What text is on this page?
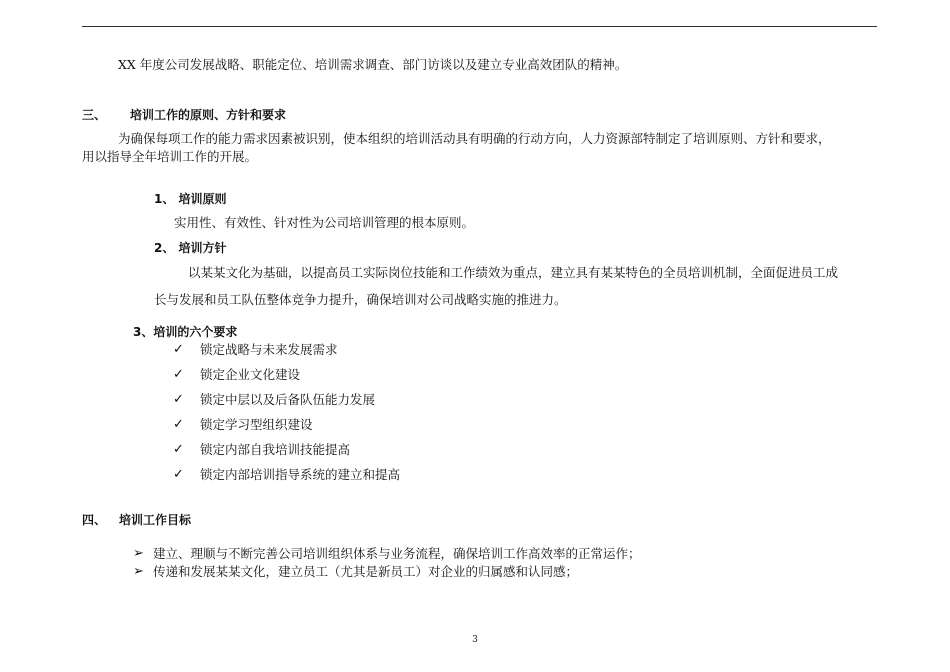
XX 年度公司发展战略、职能定位、培训需求调查、部门访谈以及建立专业高效团队的精神。
三、 培训工作的原则、方针和要求
为确保每项工作的能力需求因素被识别，使本组织的培训活动具有明确的行动方向，人力资源部特制定了培训原则、方针和要求，
用以指导全年培训工作的开展。
1、 培训原则
实用性、有效性、针对性为公司培训管理的根本原则。
2、 培训方针
以某某文化为基础，以提高员工实际岗位技能和工作绩效为重点，建立具有某某特色的全员培训机制，全面促进员工成
长与发展和员工队伍整体竞争力提升，确保培训对公司战略实施的推进力。
3、培训的六个要求
✓ 锁定战略与未来发展需求
✓ 锁定企业文化建设
✓ 锁定中层以及后备队伍能力发展
✓ 锁定学习型组织建设
✓ 锁定内部自我培训技能提高
✓ 锁定内部培训指导系统的建立和提高
四、 培训工作目标
➢ 建立、理顺与不断完善公司培训组织体系与业务流程，确保培训工作高效率的正常运作；
➢ 传递和发展某某文化，建立员工（尤其是新员工）对企业的归属感和认同感；
3
